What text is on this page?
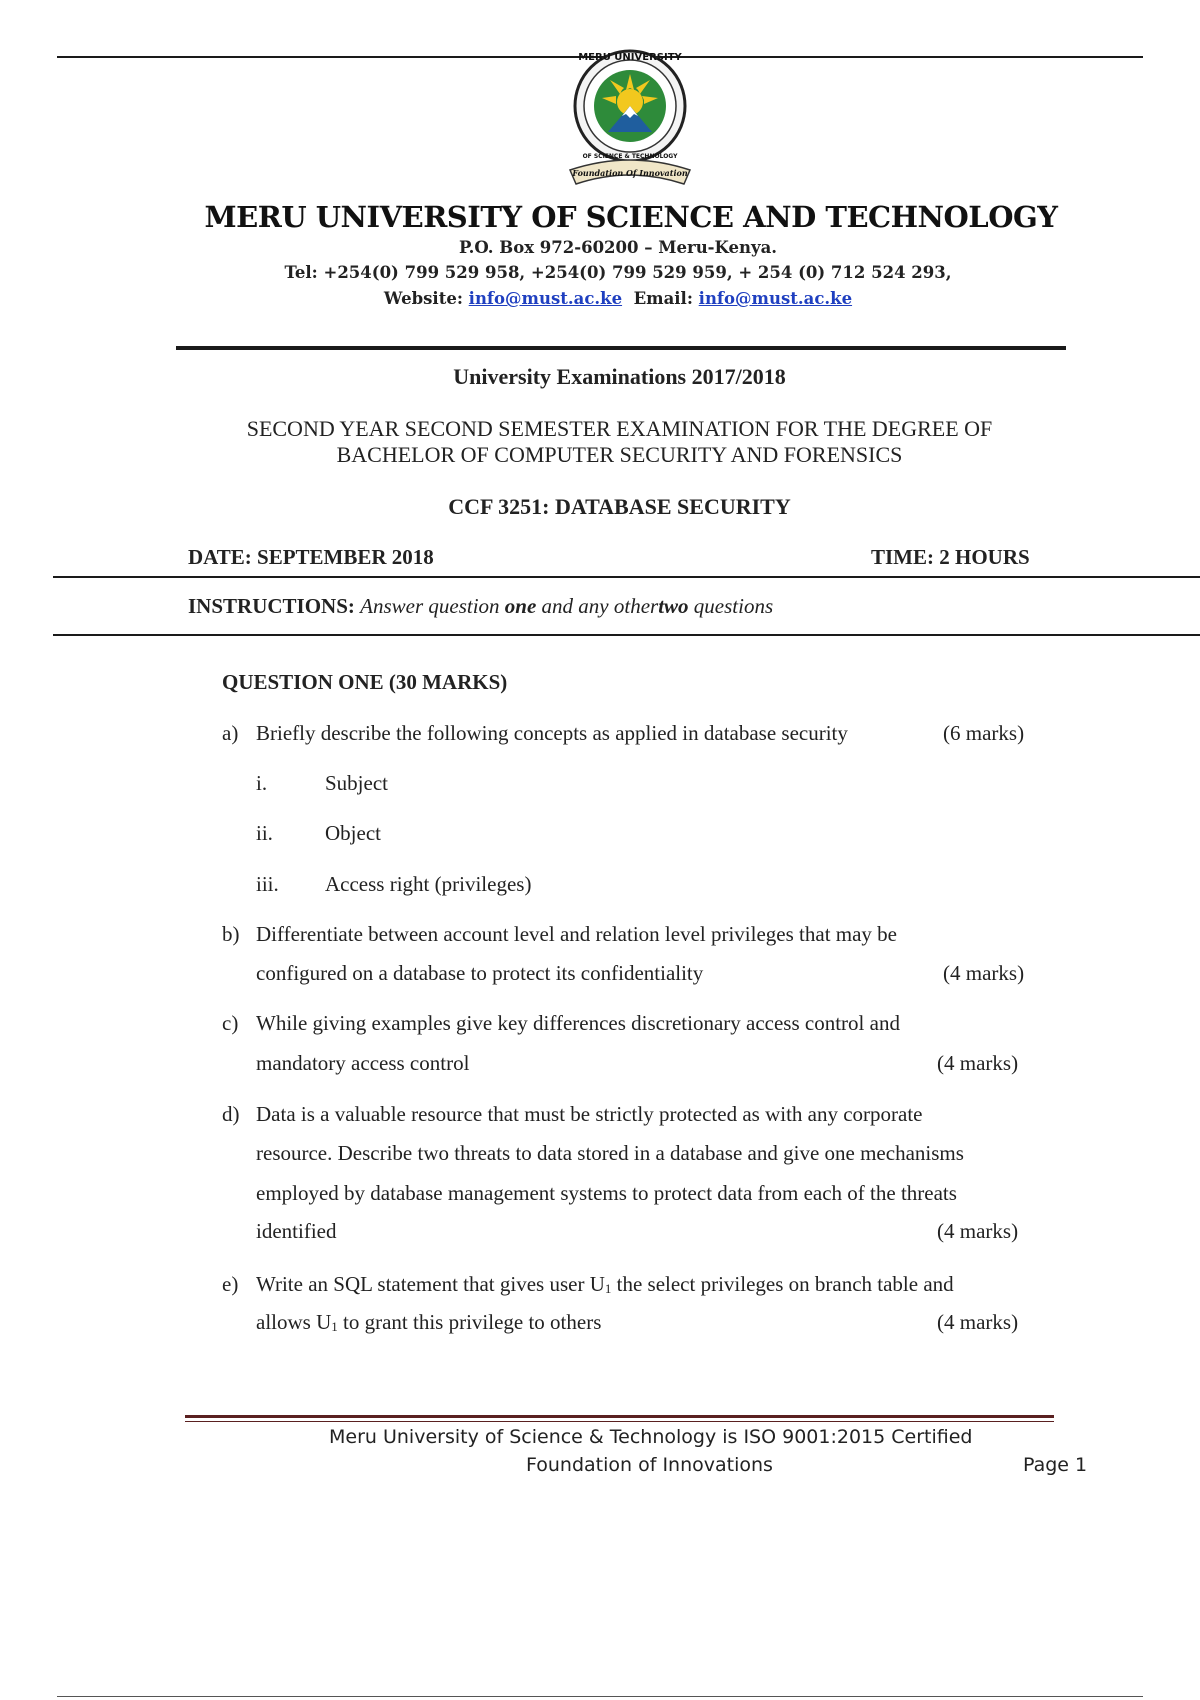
MERU UNIVERSITY
OF SCIENCE & TECHNOLOGY
Foundation Of Innovation
MERU UNIVERSITY OF SCIENCE AND TECHNOLOGY
P.O. Box 972-60200 – Meru-Kenya.
Tel: +254(0) 799 529 958, +254(0) 799 529 959, + 254 (0) 712 524 293,
Website: info@must.ac.ke Email: info@must.ac.ke
University Examinations 2017/2018
SECOND YEAR SECOND SEMESTER EXAMINATION FOR THE DEGREE OF
BACHELOR OF COMPUTER SECURITY AND FORENSICS
CCF 3251: DATABASE SECURITY
DATE: SEPTEMBER 2018	TIME: 2 HOURS
INSTRUCTIONS: Answer question one and any othertwo questions
QUESTION ONE (30 MARKS)
a) Briefly describe the following concepts as applied in database security	(6 marks)
i.	Subject
ii. Object
iii. Access right (privileges)
b) Differentiate between account level and relation level privileges that may be
configured on a database to protect its confidentiality	(4 marks)
c) While giving examples give key differences discretionary access control and
mandatory access control	(4 marks)
d) Data is a valuable resource that must be strictly protected as with any corporate
resource. Describe two threats to data stored in a database and give one mechanisms
employed by database management systems to protect data from each of the threats
identified	(4 marks)
e) Write an SQL statement that gives user $U_1$ the select privileges on branch table and
allows $U_1$ to grant this privilege to others	(4 marks)
Meru University of Science & Technology is ISO 9001:2015 Certified
Foundation of Innovations	Page 1
